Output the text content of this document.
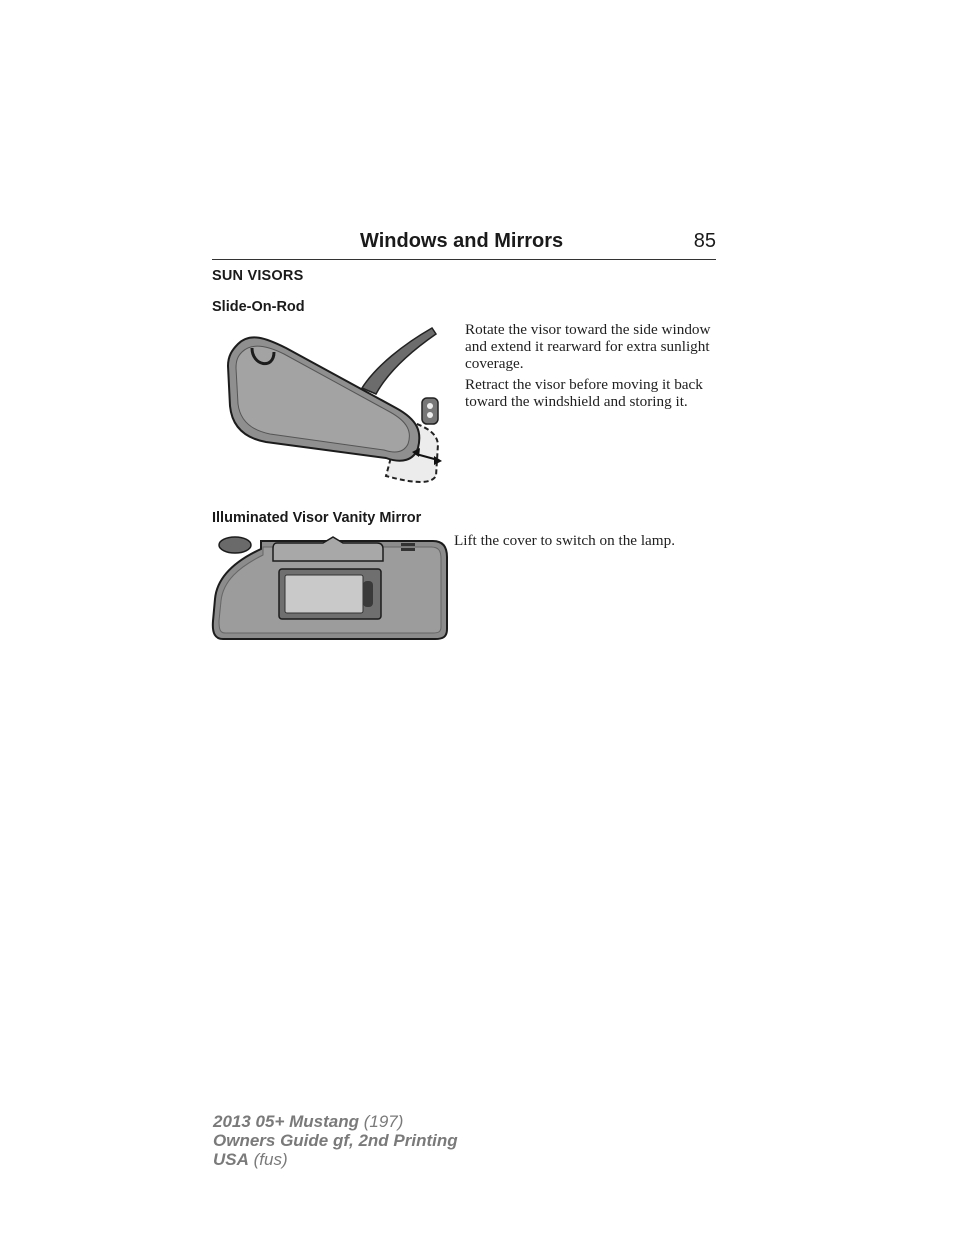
Windows and Mirrors	85
SUN VISORS
Slide-On-Rod
Rotate the visor toward the side window and extend it rearward for extra sunlight coverage.
Retract the visor before moving it back toward the windshield and storing it.
Illuminated Visor Vanity Mirror
Lift the cover to switch on the lamp.
2013 05+ Mustang (197)
Owners Guide gf, 2nd Printing
USA (fus)
